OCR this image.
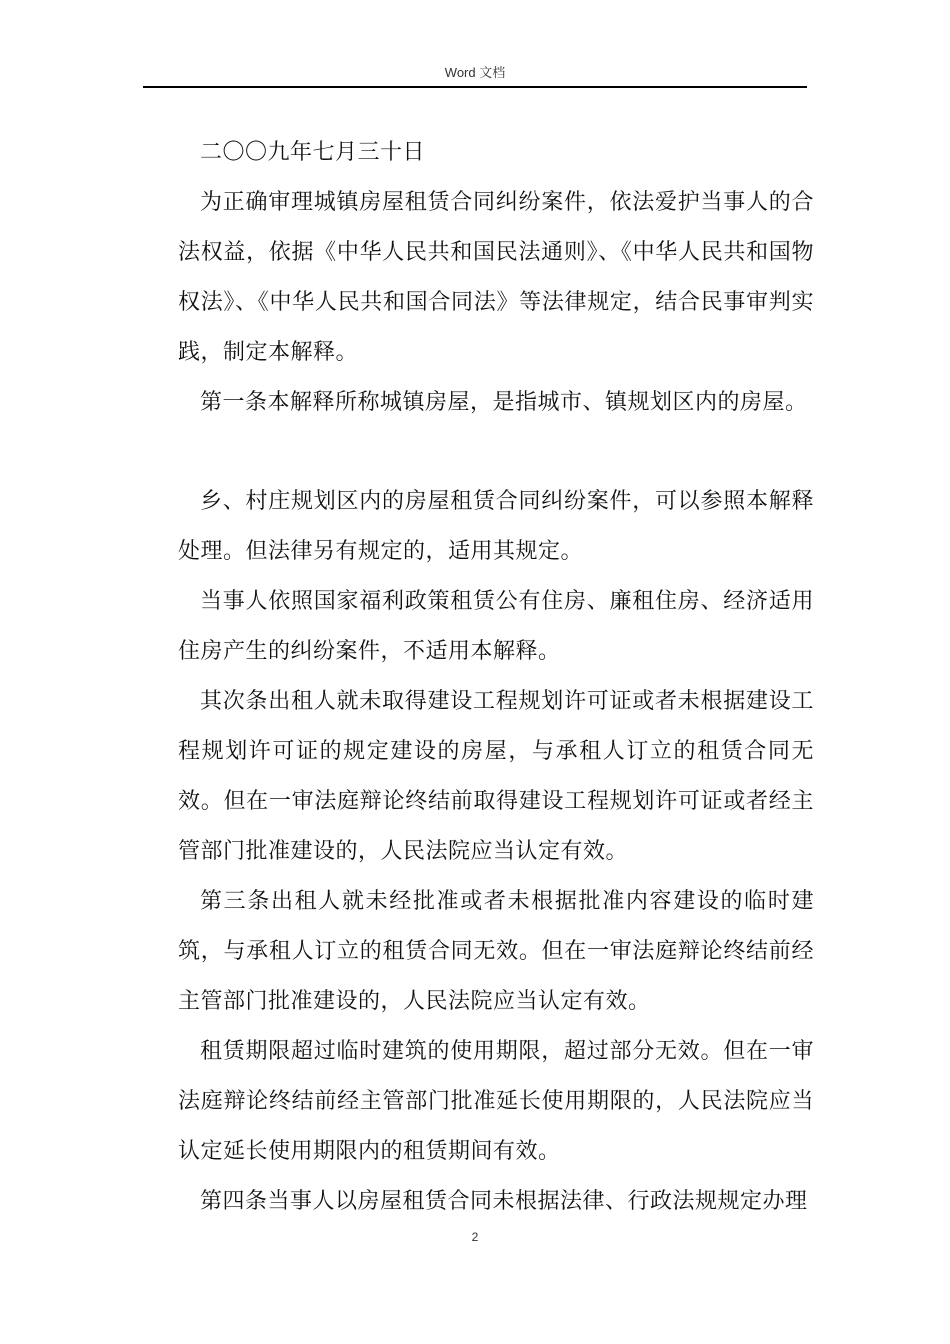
Word 文档

二〇〇九年七月三十日

为正确审理城镇房屋租赁合同纠纷案件，依法爱护当事人的合法权益，依据《中华人民共和国民法通则》、《中华人民共和国物权法》、《中华人民共和国合同法》等法律规定，结合民事审判实践，制定本解释。

第一条本解释所称城镇房屋，是指城市、镇规划区内的房屋。

乡、村庄规划区内的房屋租赁合同纠纷案件，可以参照本解释处理。但法律另有规定的，适用其规定。

当事人依照国家福利政策租赁公有住房、廉租住房、经济适用住房产生的纠纷案件，不适用本解释。

其次条出租人就未取得建设工程规划许可证或者未根据建设工程规划许可证的规定建设的房屋，与承租人订立的租赁合同无效。但在一审法庭辩论终结前取得建设工程规划许可证或者经主管部门批准建设的，人民法院应当认定有效。

第三条出租人就未经批准或者未根据批准内容建设的临时建筑，与承租人订立的租赁合同无效。但在一审法庭辩论终结前经主管部门批准建设的，人民法院应当认定有效。

租赁期限超过临时建筑的使用期限，超过部分无效。但在一审法庭辩论终结前经主管部门批准延长使用期限的，人民法院应当认定延长使用期限内的租赁期间有效。

第四条当事人以房屋租赁合同未根据法律、行政法规规定办理

2
